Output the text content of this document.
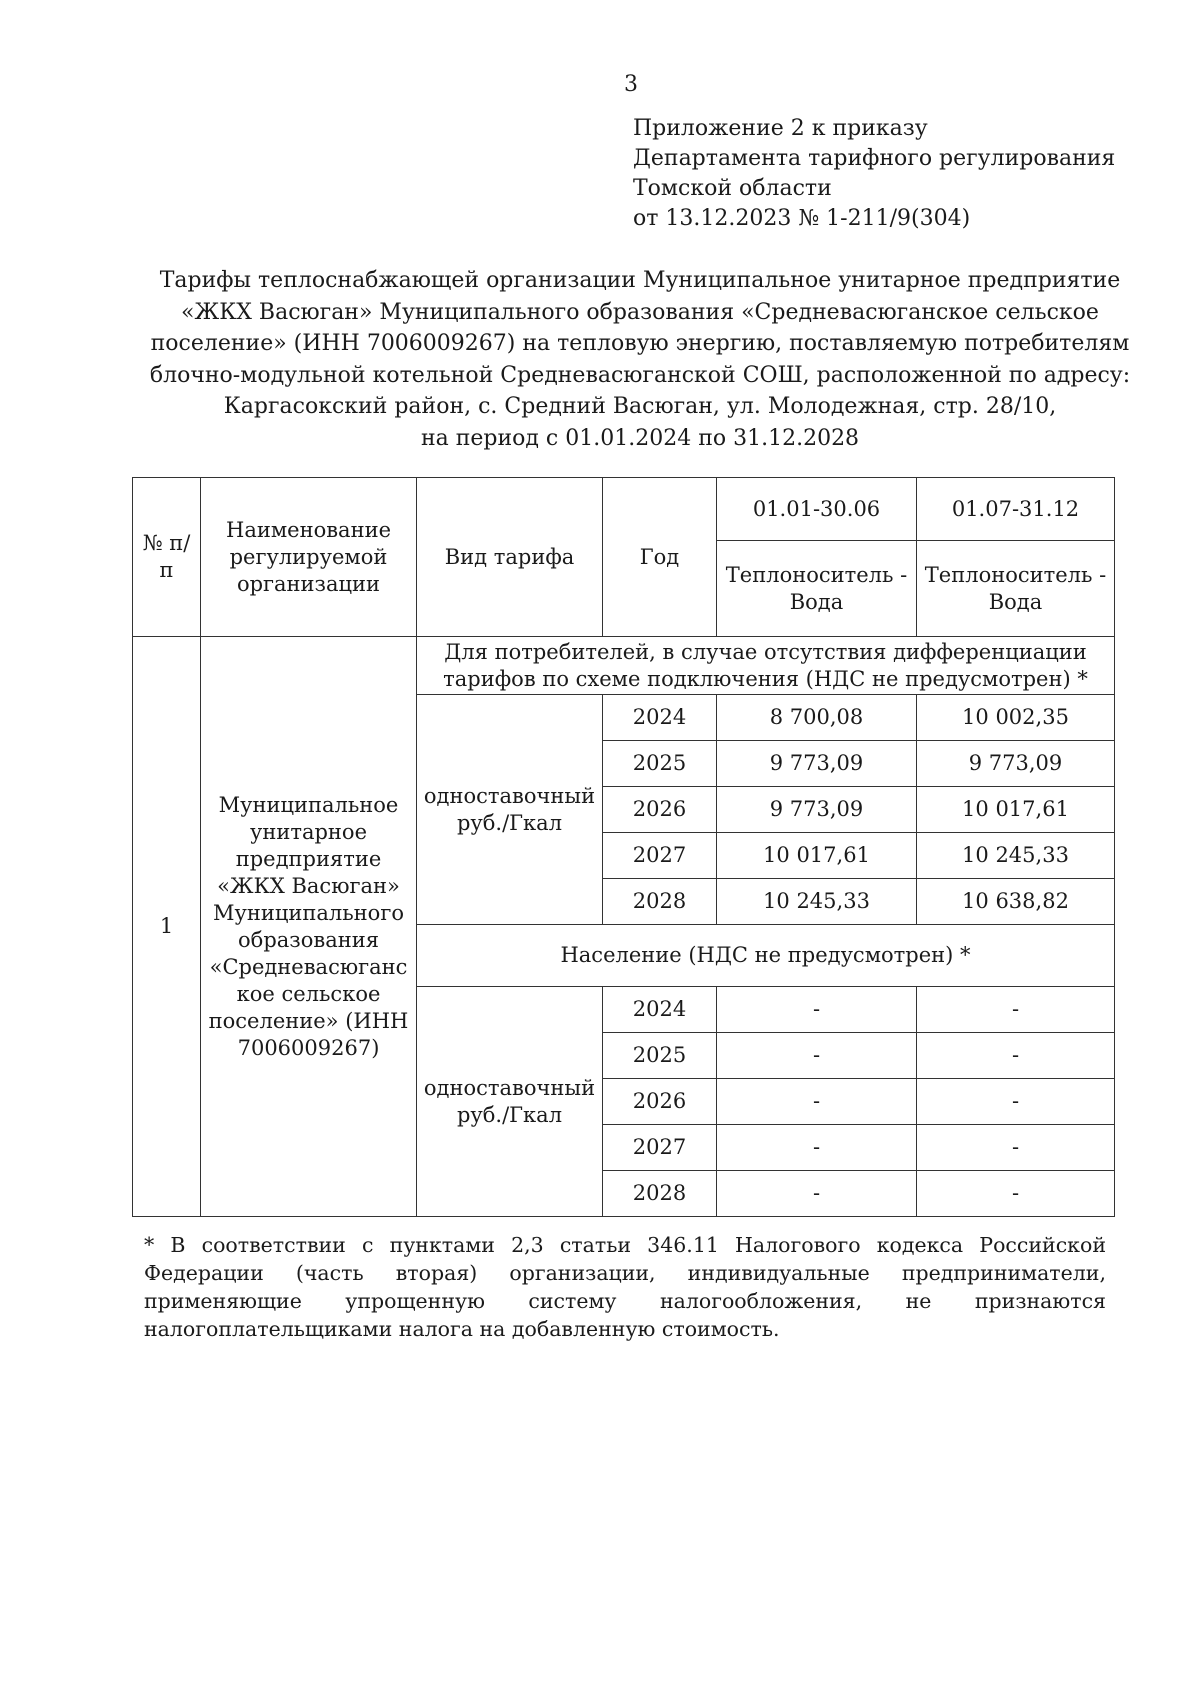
3
Приложение 2 к приказу
Департамента тарифного регулирования
Томской области
от 13.12.2023 № 1-211/9(304)
Тарифы теплоснабжающей организации Муниципальное унитарное предприятие
«ЖКХ Васюган» Муниципального образования «Средневасюганское сельское
поселение» (ИНН 7006009267) на тепловую энергию, поставляемую потребителям
блочно-модульной котельной Средневасюганской СОШ, расположенной по адресу:
Каргасокский район, с. Средний Васюган, ул. Молодежная, стр. 28/10,
на период с 01.01.2024 по 31.12.2028
№ п/п	Наименование регулируемой организации	Вид тарифа	Год	01.01-30.06	01.07-31.12
				Теплоноситель - Вода	Теплоноситель - Вода
1	Муниципальное унитарное предприятие «ЖКХ Васюган» Муниципального образования «Средневасюганс кое сельское поселение» (ИНН 7006009267)	Для потребителей, в случае отсутствия дифференциации тарифов по схеме подключения (НДС не предусмотрен) *			
		одноставочный руб./Гкал	2024	8 700,08	10 002,35
			2025	9 773,09	9 773,09
			2026	9 773,09	10 017,61
			2027	10 017,61	10 245,33
			2028	10 245,33	10 638,82
		Население (НДС не предусмотрен) *			
		одноставочный руб./Гкал	2024	-	-
			2025	-	-
			2026	-	-
			2027	-	-
			2028	-	-
* В соответствии с пунктами 2,3 статьи 346.11 Налогового кодекса Российской Федерации (часть вторая) организации, индивидуальные предприниматели, применяющие упрощенную систему налогообложения, не признаются налогоплательщиками налога на добавленную стоимость.
